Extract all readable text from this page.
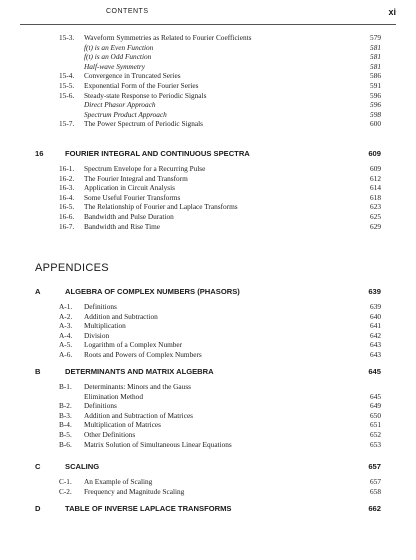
CONTENTS	xi
15-3. Waveform Symmetries as Related to Fourier Coefficients	579
f(t) is an Even Function	581
f(t) is an Odd Function	581
Half-wave Symmetry	581
15-4. Convergence in Truncated Series	586
15-5. Exponential Form of the Fourier Series	591
15-6. Steady-state Response to Periodic Signals	596
Direct Phasor Approach	596
Spectrum Product Approach	598
15-7. The Power Spectrum of Periodic Signals	600
16	FOURIER INTEGRAL AND CONTINUOUS SPECTRA	609
16-1. Spectrum Envelope for a Recurring Pulse	609
16-2. The Fourier Integral and Transform	612
16-3. Application in Circuit Analysis	614
16-4. Some Useful Fourier Transforms	618
16-5. The Relationship of Fourier and Laplace Transforms	623
16-6. Bandwidth and Pulse Duration	625
16-7. Bandwidth and Rise Time	629
A	ALGEBRA OF COMPLEX NUMBERS (PHASORS)	639
A-1. Definitions	639
A-2. Addition and Subtraction	640
A-3. Multiplication	641
A-4. Division	642
A-5. Logarithm of a Complex Number	643
A-6. Roots and Powers of Complex Numbers	643
B	DETERMINANTS AND MATRIX ALGEBRA	645
B-1. Determinants: Minors and the Gauss
Elimination Method	645
B-2. Definitions	649
B-3. Addition and Subtraction of Matrices	650
B-4. Multiplication of Matrices	651
B-5. Other Definitions	652
B-6. Matrix Solution of Simultaneous Linear Equations	653
C	SCALING	657
C-1. An Example of Scaling	657
C-2. Frequency and Magnitude Scaling	658
D	TABLE OF INVERSE LAPLACE TRANSFORMS	662
APPENDICES
